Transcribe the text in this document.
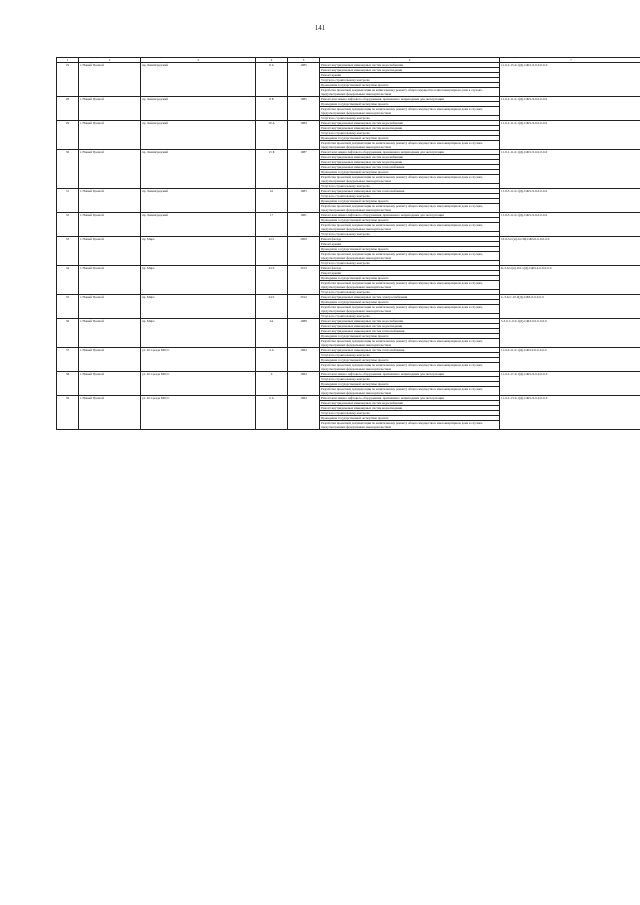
141
1	2	3	4	5	6	7
25	г. Новый Уренгой	пр. Ленинградский	8 А	1985	Ремонт внутридомовых инженерных систем водоснабжения	11-9-2-15-0-1(Д)-СЖЗ-Л-0-0-0-0-0
					Ремонт внутридомовых инженерных систем водоотведения	
					Ремонт крыши	
					Услуги по строительному контролю	
					Проведение государственной экспертизы проекта	
					Разработка проектной документации на капитальному ремонту общего имущества в многоквартирном доме в случаях, предусмотренных федеральным законодательством	
28	г. Новый Уренгой	пр. Ленинградский	8 Б	1985	Ремонт или замена лифтового оборудования, признанного непригодным для эксплуатации	11-9-2-11-0-1(Д)-СЖЗ-Л-0-0-0-0-0
					Проведение государственной экспертизы проекта	
					Разработка проектной документации по капитальному ремонту общего имущества в многоквартирном доме в случаях, предусмотренных федеральным законодательством	
					Услуги по строительному контролю	
29	г. Новый Уренгой	пр. Ленинградский	10 А	1984	Ремонт внутридомовых инженерных систем водоснабжения	11-9-2-11-0-1(Д)-СЖЗ-Л-0-0-0-0-0
					Ремонт внутридомовых инженерных систем водоотведения	
					Услуги по строительному контролю	
					Проведение государственной экспертизы проекта	
					Разработка проектной документации по капитальному ремонту общего имущества в многоквартирном доме в случаях, предусмотренных федеральным законодательством	
30	г. Новый Уренгой	пр. Ленинградский	15 Б	1987	Ремонт или замена лифтового оборудования, признанного непригодным для эксплуатации	11-9-1-11-0-1(Д)-СЖЗ-Л-0-0-0-0-0
					Ремонт внутридомовых инженерных систем водоснабжения	
					Ремонт внутридомовых инженерных систем водоотведения	
					Ремонт внутридомовых инженерных систем теплоснабжения	
					Проведение государственной экспертизы проекта	
					Разработка проектной документации по капитальному ремонту общего имущества в многоквартирном доме в случаях, предусмотренных федеральным законодательством	
					Услуги по строительному контролю	
31	г. Новый Уренгой	пр. Ленинградский	16	1983	Ремонт внутридомовых инженерных систем теплоснабжения	11-9-5-11-0-1(Д)-СЖЗ-Л-0-0-0-0-0
					Услуги по строительному контролю	
					Проведение государственной экспертизы проекта	
					Разработка проектной документации по капитальному ремонту общего имущества в многоквартирном доме в случаях, предусмотренных федеральным законодательством	
32	г. Новый Уренгой	пр. Ленинградский	17	1981	Ремонт или замена лифтового оборудования, признанного непригодным для эксплуатации	11-9-5-11-0-1(Д)-СЖЗ-Л-0-0-0-0-0
					Проведение государственной экспертизы проекта	
					Разработка проектной документации по капитальному ремонту общего имущества в многоквартирном доме в случаях, предусмотренных федеральным законодательством	
					Услуги по строительному контролю	
33	г. Новый Уренгой	пр. Мира	22/1	2009	Ремонт фасада	10-9-3-С(м)-0-СЩ-СЖЗ-0-0-0-0-0-0
					Ремонт крыши	
					Проведение государственной экспертизы проекта	
					Разработка проектной документации по капитальному ремонту общего имущества в многоквартирном доме в случаях, предусмотренных федеральным законодательством	
					Услуги по строительному контролю	
34	г. Новый Уренгой	пр. Мира	22/2	2013	Ремонт фасада	К-3-6-С(м)-0-0-1(Д)-СЖЗ-4-0-0-0-0-0
					Ремонт крыши	
					Проведение государственной экспертизы проекта	
					Разработка проектной документации по капитальному ремонту общего имущества в многоквартирном доме в случаях, предусмотренных федеральным законодательством	
					Услуги по строительному контролю	
35	г. Новый Уренгой	пр. Мира	24/2	2012	Ремонт внутридомовых инженерных систем электроснабжения	С-3-6-С-10-0(Д)-СЖЗ-0-0-0-0-0
					Проведение государственной экспертизы проекта	
					Разработка проектной документации по капитальному ремонту общего имущества в многоквартирном доме в случаях, предусмотренных федеральным законодательством	
					Услуги по строительному контролю	
36	г. Новый Уренгой	пр. Мира	2А	1988	Ремонт внутридомовых инженерных систем водоснабжения	5-3-6-С-0-0-1(Д)-СЖЗ-0-0-0-0-0-0
					Ремонт внутридомовых инженерных систем водоотведения	
					Ремонт внутридомовых инженерных систем теплоснабжения	
					Проведение государственной экспертизы проекта	
					Разработка проектной документации по капитальному ремонту общего имущества в многоквартирном доме в случаях, предусмотренных федеральным законодательством	
37	г. Новый Уренгой	ул. 26 Съезда КПСС	4 А	1984	Ремонт внутридомовых инженерных систем теплоснабжения	11-9-6-11-0-1(Д)-СЖЗ-0-0-0-0-0-0
					Услуги по строительному контролю	
					Проведение государственной экспертизы проекта	
					Разработка проектной документации по капитальному ремонту общего имущества в многоквартирном доме в случаях, предусмотренных федеральным законодательством	
38	г. Новый Уренгой	ул. 26 Съезда КПСС	6	1984	Ремонт или замена лифтового оборудования, признанного непригодным для эксплуатации	11-9-2-17-0-1(Д)-СЖЗ-Л-0-0-0-0-0
					Услуги по строительному контролю	
					Проведение государственной экспертизы проекта	
					Разработка проектной документации по капитальному ремонту общего имущества в многоквартирном доме в случаях, предусмотренных федеральным законодательством	
39	г. Новый Уренгой	ул. 26 Съезда КПСС	6 А	1984	Ремонт или замена лифтового оборудования, признанного непригодным для эксплуатации	11-9-2-13-0-1(Д)-СЖЗ-Л-0-0-0-0-0
					Ремонт внутридомовых инженерных систем водоснабжения	
					Ремонт внутридомовых инженерных систем водоотведения	
					Услуги по строительному контролю	
					Проведение государственной экспертизы проекта	
					Разработка проектной документации по капитальному ремонту общего имущества в многоквартирном доме в случаях, предусмотренных федеральным законодательством	
